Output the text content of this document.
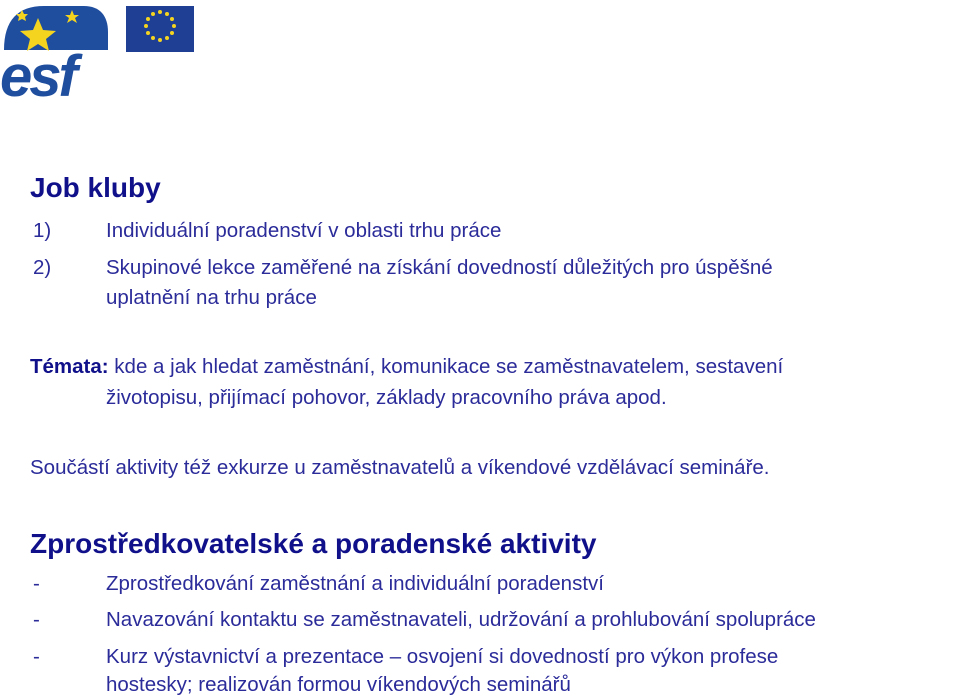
esf
Job kluby
1)	Individuální poradenství v oblasti trhu práce
2)	Skupinové lekce zaměřené na získání dovedností důležitých pro úspěšné
uplatnění na trhu práce
Témata: kde a jak hledat zaměstnání, komunikace se zaměstnavatelem, sestavení
životopisu, přijímací pohovor, základy pracovního práva apod.
Součástí aktivity též exkurze u zaměstnavatelů a víkendové vzdělávací semináře.
Zprostředkovatelské a poradenské aktivity
-	Zprostředkování zaměstnání a individuální poradenství
-	Navazování kontaktu se zaměstnavateli, udržování a prohlubování spolupráce
-	Kurz výstavnictví a prezentace – osvojení si dovedností pro výkon profese
hostesky; realizován formou víkendových seminářů
